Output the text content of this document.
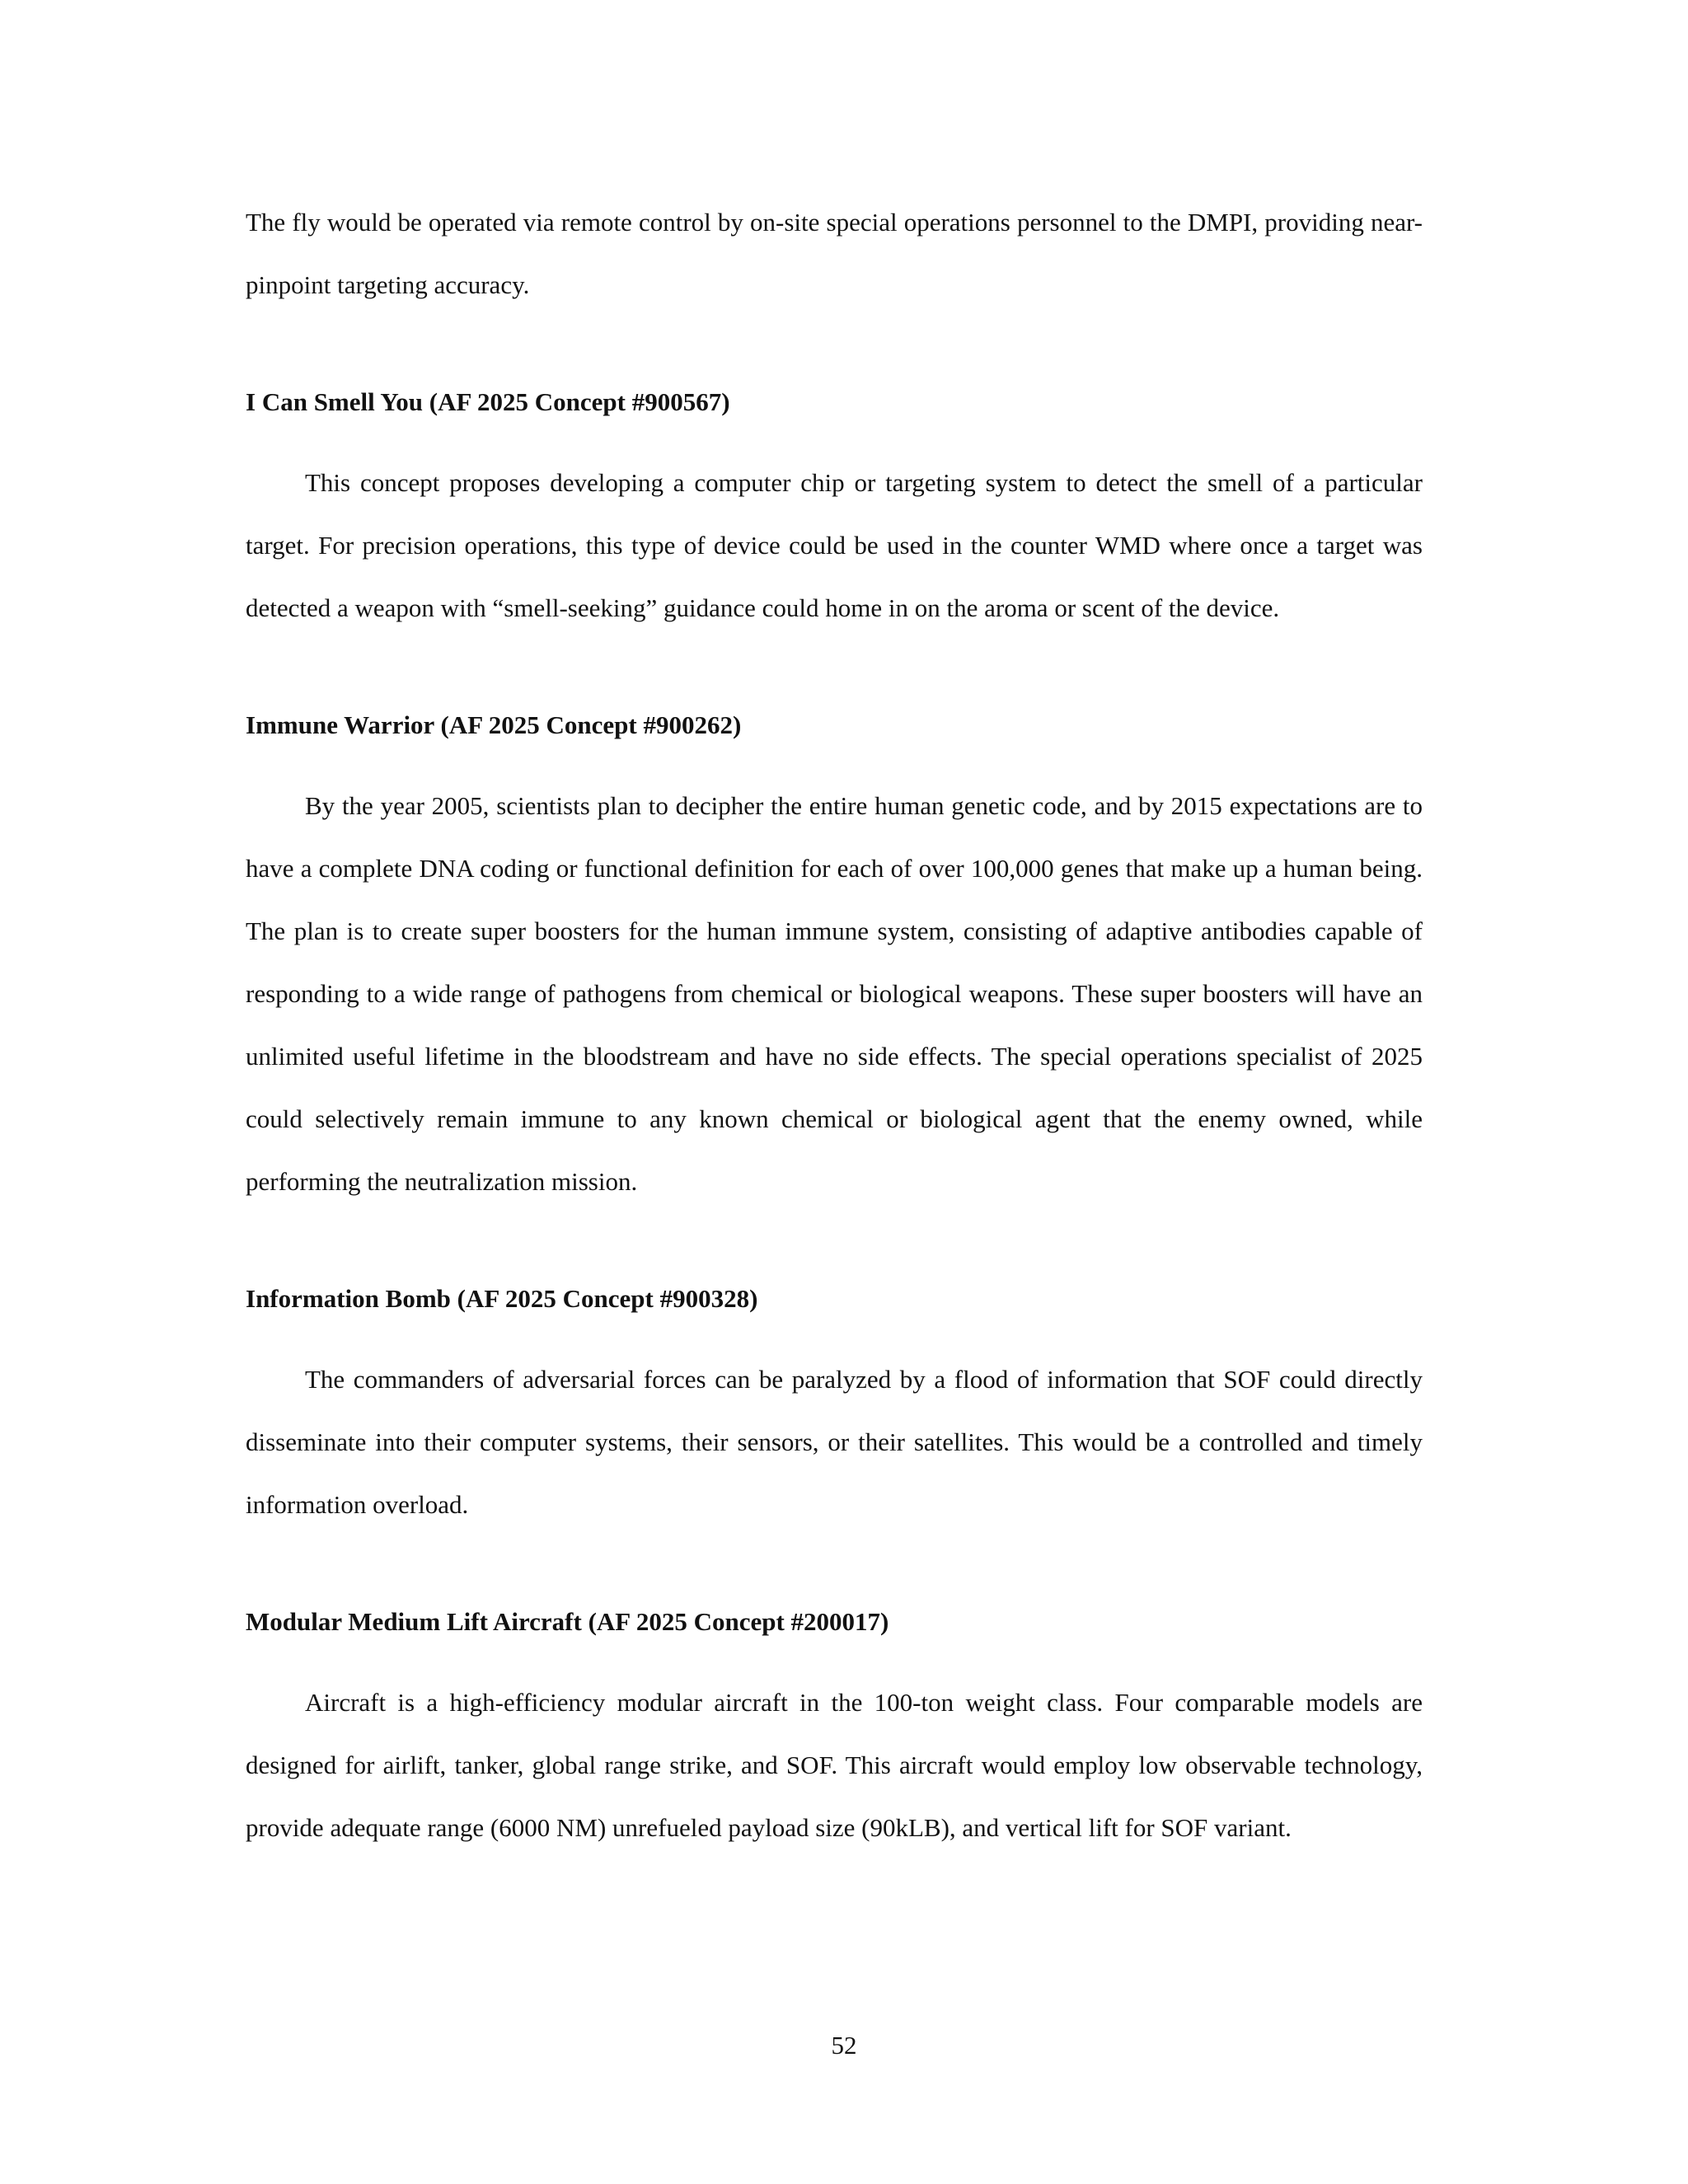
The fly would be operated via remote control by on-site special operations personnel to the DMPI, providing near-pinpoint targeting accuracy.

I Can Smell You (AF 2025 Concept #900567)

This concept proposes developing a computer chip or targeting system to detect the smell of a particular target. For precision operations, this type of device could be used in the counter WMD where once a target was detected a weapon with “smell-seeking” guidance could home in on the aroma or scent of the device.

Immune Warrior (AF 2025 Concept #900262)

By the year 2005, scientists plan to decipher the entire human genetic code, and by 2015 expectations are to have a complete DNA coding or functional definition for each of over 100,000 genes that make up a human being. The plan is to create super boosters for the human immune system, consisting of adaptive antibodies capable of responding to a wide range of pathogens from chemical or biological weapons. These super boosters will have an unlimited useful lifetime in the bloodstream and have no side effects. The special operations specialist of 2025 could selectively remain immune to any known chemical or biological agent that the enemy owned, while performing the neutralization mission.

Information Bomb (AF 2025 Concept #900328)

The commanders of adversarial forces can be paralyzed by a flood of information that SOF could directly disseminate into their computer systems, their sensors, or their satellites. This would be a controlled and timely information overload.

Modular Medium Lift Aircraft (AF 2025 Concept #200017)

Aircraft is a high-efficiency modular aircraft in the 100-ton weight class. Four comparable models are designed for airlift, tanker, global range strike, and SOF. This aircraft would employ low observable technology, provide adequate range (6000 NM) unrefueled payload size (90kLB), and vertical lift for SOF variant.

52
